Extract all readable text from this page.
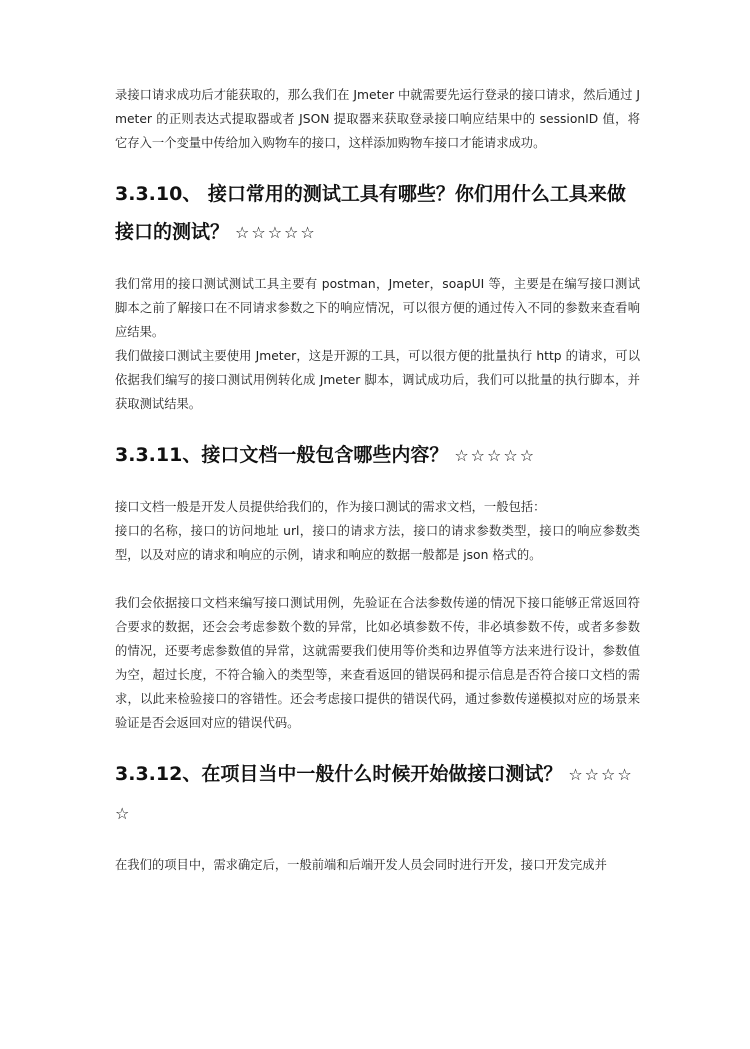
录接口请求成功后才能获取的，那么我们在 Jmeter 中就需要先运行登录的接口请求，然后通过 Jmeter 的正则表达式提取器或者 JSON 提取器来获取登录接口响应结果中的 sessionID 值，将它存入一个变量中传给加入购物车的接口，这样添加购物车接口才能请求成功。

3.3.10、 接口常用的测试工具有哪些？你们用什么工具来做接口的测试？ ☆☆☆☆☆

我们常用的接口测试测试工具主要有 postman，Jmeter，soapUI 等，主要是在编写接口测试脚本之前了解接口在不同请求参数之下的响应情况，可以很方便的通过传入不同的参数来查看响应结果。

我们做接口测试主要使用 Jmeter，这是开源的工具，可以很方便的批量执行 http 的请求，可以依据我们编写的接口测试用例转化成 Jmeter 脚本，调试成功后，我们可以批量的执行脚本，并获取测试结果。

3.3.11、接口文档一般包含哪些内容？ ☆☆☆☆☆

接口文档一般是开发人员提供给我们的，作为接口测试的需求文档，一般包括：

接口的名称，接口的访问地址 url，接口的请求方法，接口的请求参数类型，接口的响应参数类型，以及对应的请求和响应的示例，请求和响应的数据一般都是 json 格式的。

我们会依据接口文档来编写接口测试用例，先验证在合法参数传递的情况下接口能够正常返回符合要求的数据，还会会考虑参数个数的异常，比如必填参数不传，非必填参数不传，或者多参数的情况，还要考虑参数值的异常，这就需要我们使用等价类和边界值等方法来进行设计，参数值为空，超过长度，不符合输入的类型等，来查看返回的错误码和提示信息是否符合接口文档的需求，以此来检验接口的容错性。还会考虑接口提供的错误代码，通过参数传递模拟对应的场景来验证是否会返回对应的错误代码。

3.3.12、在项目当中一般什么时候开始做接口测试？ ☆☆☆☆☆

在我们的项目中，需求确定后，一般前端和后端开发人员会同时进行开发，接口开发完成并
